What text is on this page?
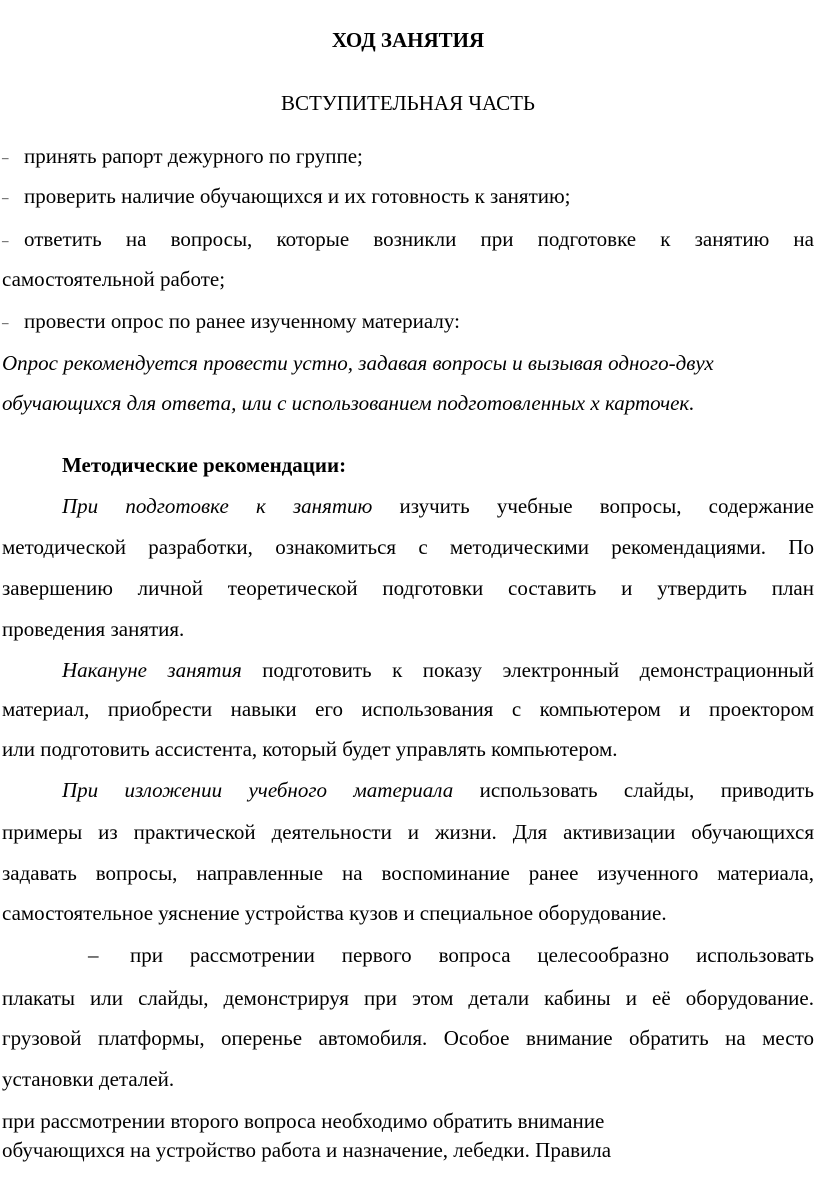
ХОД ЗАНЯТИЯ
ВСТУПИТЕЛЬНАЯ ЧАСТЬ
– принять рапорт дежурного по группе;
– проверить наличие обучающихся и их готовность к занятию;
– ответить на вопросы, которые возникли при подготовке к занятию на
самостоятельной работе;
– провести опрос по ранее изученному материалу:
Опрос рекомендуется провести устно, задавая вопросы и вызывая одного-двух
обучающихся для ответа, или с использованием подготовленных х карточек.
Методические рекомендации:
При подготовке к занятию изучить учебные вопросы, содержание
методической разработки, ознакомиться с методическими рекомендациями. По
завершению личной теоретической подготовки составить и утвердить план
проведения занятия.
Накануне занятия подготовить к показу электронный демонстрационный
материал, приобрести навыки его использования с компьютером и проектором
или подготовить ассистента, который будет управлять компьютером.
При изложении учебного материала использовать слайды, приводить
примеры из практической деятельности и жизни. Для активизации обучающихся
задавать вопросы, направленные на воспоминание ранее изученного материала,
самостоятельное уяснение устройства кузов и специальное оборудование.
–	при рассмотрении первого вопроса целесообразно использовать
плакаты или слайды, демонстрируя при этом детали кабины и её оборудование.
грузовой платформы, оперенье автомобиля. Особое внимание обратить на место
установки деталей.
при рассмотрении второго вопроса необходимо обратить внимание
обучающихся на устройство работа и назначение, лебедки. Правила
